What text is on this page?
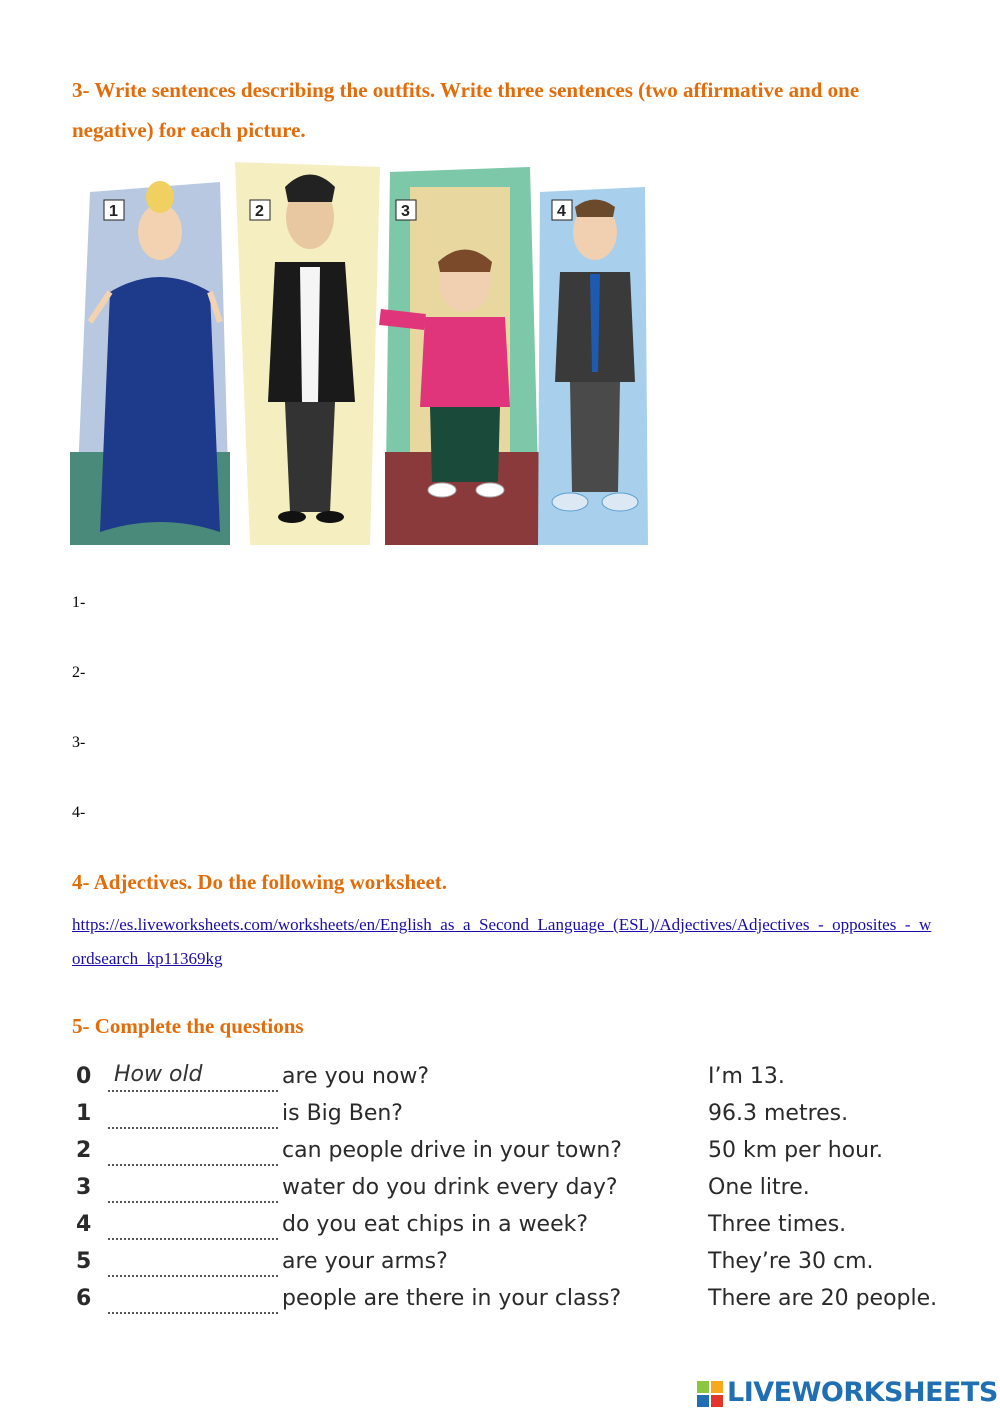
3- Write sentences describing the outfits. Write three sentences (two affirmative and one negative) for each picture.

1	2	3	4
1-
2-
3-
4-

4- Adjectives. Do the following worksheet.

https://es.liveworksheets.com/worksheets/en/English_as_a_Second_Language_(ESL)/Adjectives/Adjectives_-_opposites_-_wordsearch_kp11369kg

5- Complete the questions

0 How old	are you now?	I’m 13.
1	is Big Ben?	96.3 metres.
2	can people drive in your town?	50 km per hour.
3	water do you drink every day?	One litre.
4	do you eat chips in a week?	Three times.
5	are your arms?	They’re 30 cm.
6	people are there in your class?	There are 20 people.
LIVEWORKSHEETS
